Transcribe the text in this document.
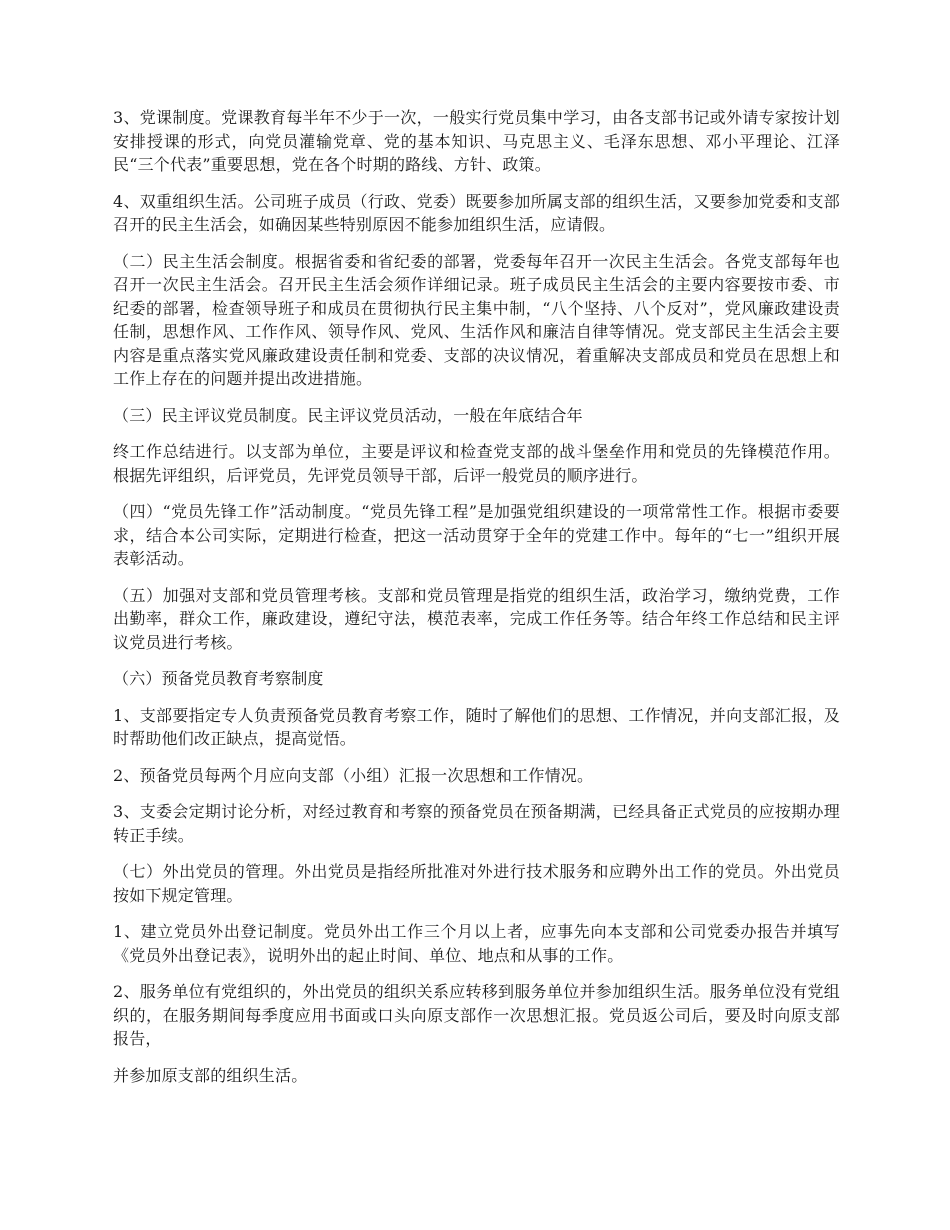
3、党课制度。党课教育每半年不少于一次，一般实行党员集中学习，由各支部书记或外请专家按计划安排授课的形式，向党员灌输党章、党的基本知识、马克思主义、毛泽东思想、邓小平理论、江泽民“三个代表”重要思想，党在各个时期的路线、方针、政策。

4、双重组织生活。公司班子成员（行政、党委）既要参加所属支部的组织生活，又要参加党委和支部召开的民主生活会，如确因某些特别原因不能参加组织生活，应请假。

（二）民主生活会制度。根据省委和省纪委的部署，党委每年召开一次民主生活会。各党支部每年也召开一次民主生活会。召开民主生活会须作详细记录。班子成员民主生活会的主要内容要按市委、市纪委的部署，检查领导班子和成员在贯彻执行民主集中制，“八个坚持、八个反对”，党风廉政建设责任制，思想作风、工作作风、领导作风、党风、生活作风和廉洁自律等情况。党支部民主生活会主要内容是重点落实党风廉政建设责任制和党委、支部的决议情况，着重解决支部成员和党员在思想上和工作上存在的问题并提出改进措施。

（三）民主评议党员制度。民主评议党员活动，一般在年底结合年

终工作总结进行。以支部为单位，主要是评议和检查党支部的战斗堡垒作用和党员的先锋模范作用。根据先评组织，后评党员，先评党员领导干部，后评一般党员的顺序进行。

（四）“党员先锋工作”活动制度。“党员先锋工程”是加强党组织建设的一项常常性工作。根据市委要求，结合本公司实际，定期进行检查，把这一活动贯穿于全年的党建工作中。每年的“七一”组织开展表彰活动。

（五）加强对支部和党员管理考核。支部和党员管理是指党的组织生活，政治学习，缴纳党费，工作出勤率，群众工作，廉政建设，遵纪守法，模范表率，完成工作任务等。结合年终工作总结和民主评议党员进行考核。

（六）预备党员教育考察制度

1、支部要指定专人负责预备党员教育考察工作，随时了解他们的思想、工作情况，并向支部汇报，及时帮助他们改正缺点，提高觉悟。

2、预备党员每两个月应向支部（小组）汇报一次思想和工作情况。

3、支委会定期讨论分析，对经过教育和考察的预备党员在预备期满，已经具备正式党员的应按期办理转正手续。

（七）外出党员的管理。外出党员是指经所批准对外进行技术服务和应聘外出工作的党员。外出党员按如下规定管理。

1、建立党员外出登记制度。党员外出工作三个月以上者，应事先向本支部和公司党委办报告并填写《党员外出登记表》，说明外出的起止时间、单位、地点和从事的工作。

2、服务单位有党组织的，外出党员的组织关系应转移到服务单位并参加组织生活。服务单位没有党组织的，在服务期间每季度应用书面或口头向原支部作一次思想汇报。党员返公司后，要及时向原支部报告，

并参加原支部的组织生活。
